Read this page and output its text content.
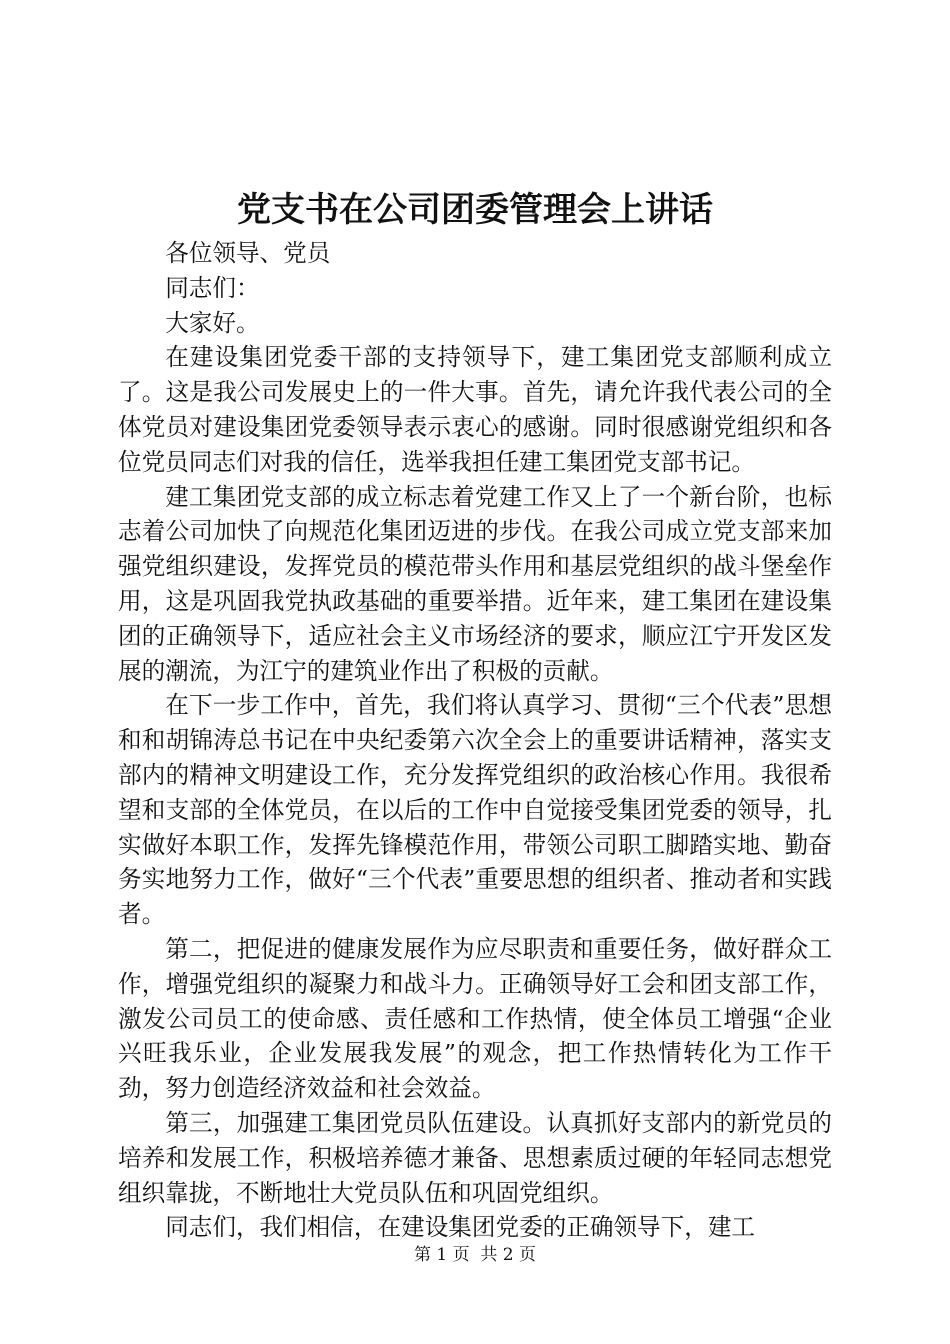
党支书在公司团委管理会上讲话

各位领导、党员

同志们：

大家好。

在建设集团党委干部的支持领导下，建工集团党支部顺利成立了。这是我公司发展史上的一件大事。首先，请允许我代表公司的全体党员对建设集团党委领导表示衷心的感谢。同时很感谢党组织和各位党员同志们对我的信任，选举我担任建工集团党支部书记。

建工集团党支部的成立标志着党建工作又上了一个新台阶，也标志着公司加快了向规范化集团迈进的步伐。在我公司成立党支部来加强党组织建设，发挥党员的模范带头作用和基层党组织的战斗堡垒作用，这是巩固我党执政基础的重要举措。近年来，建工集团在建设集团的正确领导下，适应社会主义市场经济的要求，顺应江宁开发区发展的潮流，为江宁的建筑业作出了积极的贡献。

在下一步工作中，首先，我们将认真学习、贯彻“三个代表”思想和和胡锦涛总书记在中央纪委第六次全会上的重要讲话精神，落实支部内的精神文明建设工作，充分发挥党组织的政治核心作用。我很希望和支部的全体党员，在以后的工作中自觉接受集团党委的领导，扎实做好本职工作，发挥先锋模范作用，带领公司职工脚踏实地、勤奋务实地努力工作，做好“三个代表”重要思想的组织者、推动者和实践者。

第二，把促进的健康发展作为应尽职责和重要任务，做好群众工作，增强党组织的凝聚力和战斗力。正确领导好工会和团支部工作，激发公司员工的使命感、责任感和工作热情，使全体员工增强“企业兴旺我乐业，企业发展我发展”的观念，把工作热情转化为工作干劲，努力创造经济效益和社会效益。

第三，加强建工集团党员队伍建设。认真抓好支部内的新党员的培养和发展工作，积极培养德才兼备、思想素质过硬的年轻同志想党组织靠拢，不断地壮大党员队伍和巩固党组织。

同志们，我们相信，在建设集团党委的正确领导下，建工

第 1 页  共 2 页
